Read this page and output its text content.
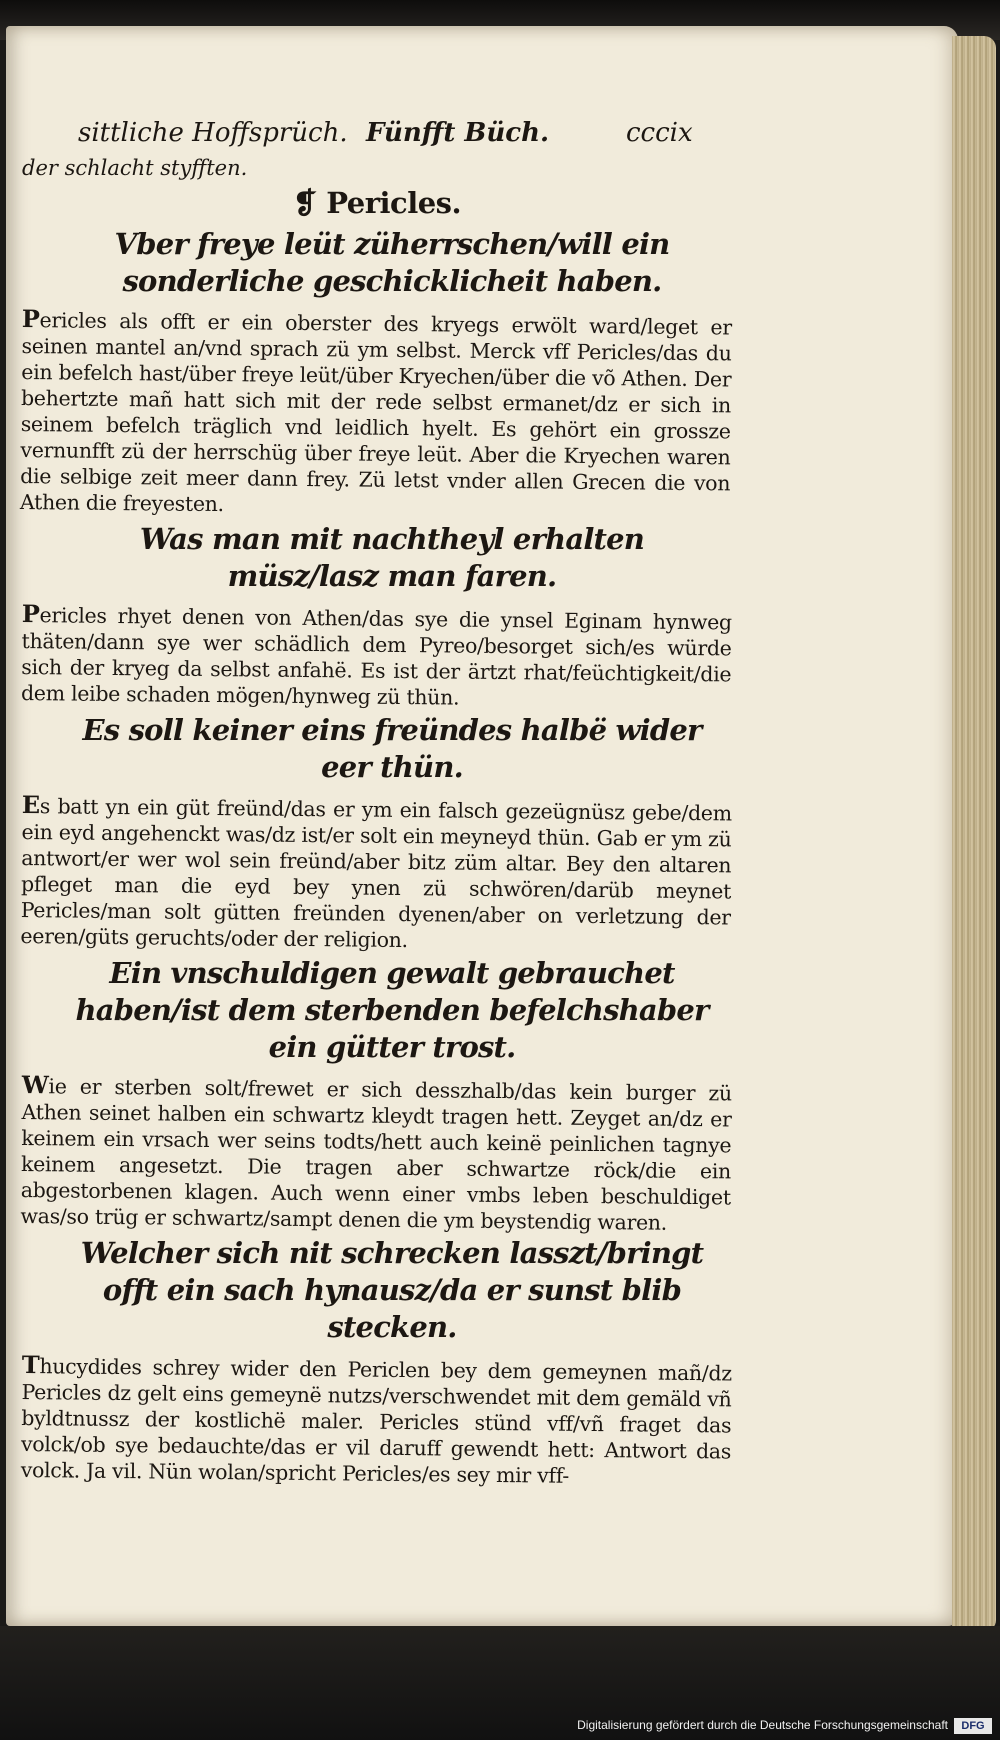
sittliche Hoffsprüch. Fünfft Büch.	cccix
der schlacht styfften.
❡ Pericles.
Vber freye leüt züherrschen/will ein sonderliche geschicklicheit haben.

Pericles als offt er ein oberster des kryegs erwölt ward/leget er seinen mantel an/vnd sprach zü ym selbst. Merck vff Pericles/das du ein befelch hast/über freye leüt/über Kryechen/über die võ Athen. Der behertzte mañ hatt sich mit der rede selbst ermanet/dz er sich in seinem befelch träglich vnd leidlich hyelt. Es gehört ein grossze vernunfft zü der herrschüg über freye leüt. Aber die Kryechen waren die selbige zeit meer dann frey. Zü letst vnder allen Grecen die von Athen die freyesten.

Was man mit nachtheyl erhalten müsz/lasz man faren.

Pericles rhyet denen von Athen/das sye die ynsel Eginam hynweg thäten/dann sye wer schädlich dem Pyreo/besorget sich/es würde sich der kryeg da selbst anfahë. Es ist der ärtzt rhat/feüchtigkeit/die dem leibe schaden mögen/hynweg zü thün.

Es soll keiner eins freündes halbë wider eer thün.

Es batt yn ein güt freünd/das er ym ein falsch gezeügnüsz gebe/dem ein eyd angehenckt was/dz ist/er solt ein meyneyd thün. Gab er ym zü antwort/er wer wol sein freünd/aber bitz züm altar. Bey den altaren pfleget man die eyd bey ynen zü schwören/darüb meynet Pericles/man solt gütten freünden dyenen/aber on verletzung der eeren/güts geruchts/oder der religion.

Ein vnschuldigen gewalt gebrauchet haben/ist dem sterbenden befelchshaber ein gütter trost.

Wie er sterben solt/frewet er sich desszhalb/das kein burger zü Athen seinet halben ein schwartz kleydt tragen hett. Zeyget an/dz er keinem ein vrsach wer seins todts/hett auch keinë peinlichen tagnye keinem angesetzt. Die tragen aber schwartze röck/die ein abgestorbenen klagen. Auch wenn einer vmbs leben beschuldiget was/so trüg er schwartz/sampt denen die ym beystendig waren.

Welcher sich nit schrecken lasszt/bringt offt ein sach hynausz/da er sunst blib stecken.

Thucydides schrey wider den Periclen bey dem gemeynen mañ/dz Pericles dz gelt eins gemeynë nutzs/verschwendet mit dem gemäld vñ byldtnussz der kostlichë maler. Pericles stünd vff/vñ fraget das volck/ob sye bedauchte/das er vil daruff gewendt hett: Antwort das volck. Ja vil. Nün wolan/spricht Pericles/es sey mir vff-

Digitalisierung gefördert durch die Deutsche Forschungsgemeinschaft	DFG
